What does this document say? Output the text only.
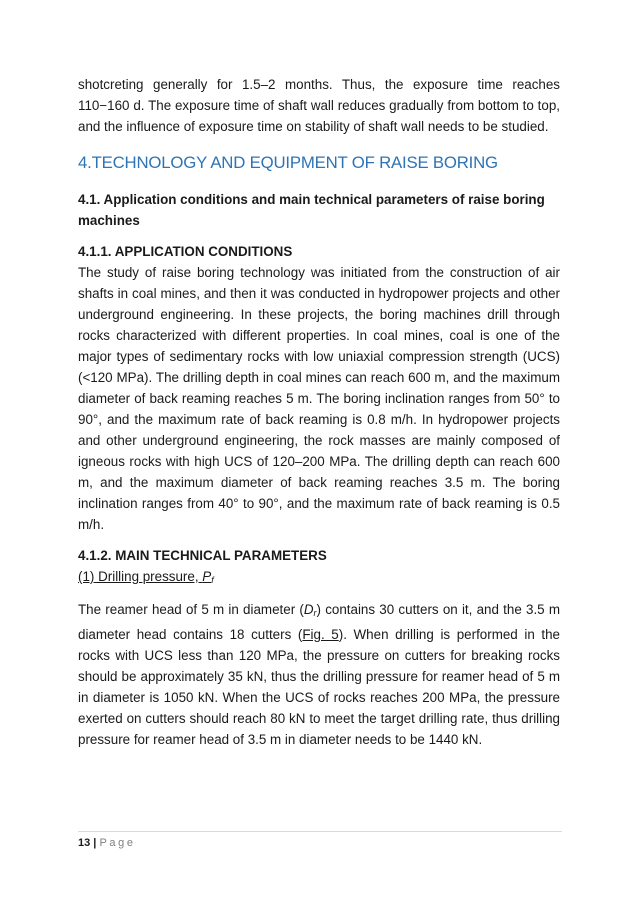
shotcreting generally for 1.5–2 months. Thus, the exposure time reaches 110−160 d. The exposure time of shaft wall reduces gradually from bottom to top, and the influence of exposure time on stability of shaft wall needs to be studied.

4.TECHNOLOGY AND EQUIPMENT OF RAISE BORING
4.1. Application conditions and main technical parameters of raise boring machines
4.1.1. APPLICATION CONDITIONS

The study of raise boring technology was initiated from the construction of air shafts in coal mines, and then it was conducted in hydropower projects and other underground engineering. In these projects, the boring machines drill through rocks characterized with different properties. In coal mines, coal is one of the major types of sedimentary rocks with low uniaxial compression strength (UCS) (<120 MPa). The drilling depth in coal mines can reach 600 m, and the maximum diameter of back reaming reaches 5 m. The boring inclination ranges from 50° to 90°, and the maximum rate of back reaming is 0.8 m/h. In hydropower projects and other underground engineering, the rock masses are mainly composed of igneous rocks with high UCS of 120–200 MPa. The drilling depth can reach 600 m, and the maximum diameter of back reaming reaches 3.5 m. The boring inclination ranges from 40° to 90°, and the maximum rate of back reaming is 0.5 m/h.

4.1.2. MAIN TECHNICAL PARAMETERS

(1) Drilling pressure, Pf

The reamer head of 5 m in diameter (Dr) contains 30 cutters on it, and the 3.5 m diameter head contains 18 cutters (Fig. 5). When drilling is performed in the rocks with UCS less than 120 MPa, the pressure on cutters for breaking rocks should be approximately 35 kN, thus the drilling pressure for reamer head of 5 m in diameter is 1050 kN. When the UCS of rocks reaches 200 MPa, the pressure exerted on cutters should reach 80 kN to meet the target drilling rate, thus drilling pressure for reamer head of 3.5 m in diameter needs to be 1440 kN.

13 | Page
